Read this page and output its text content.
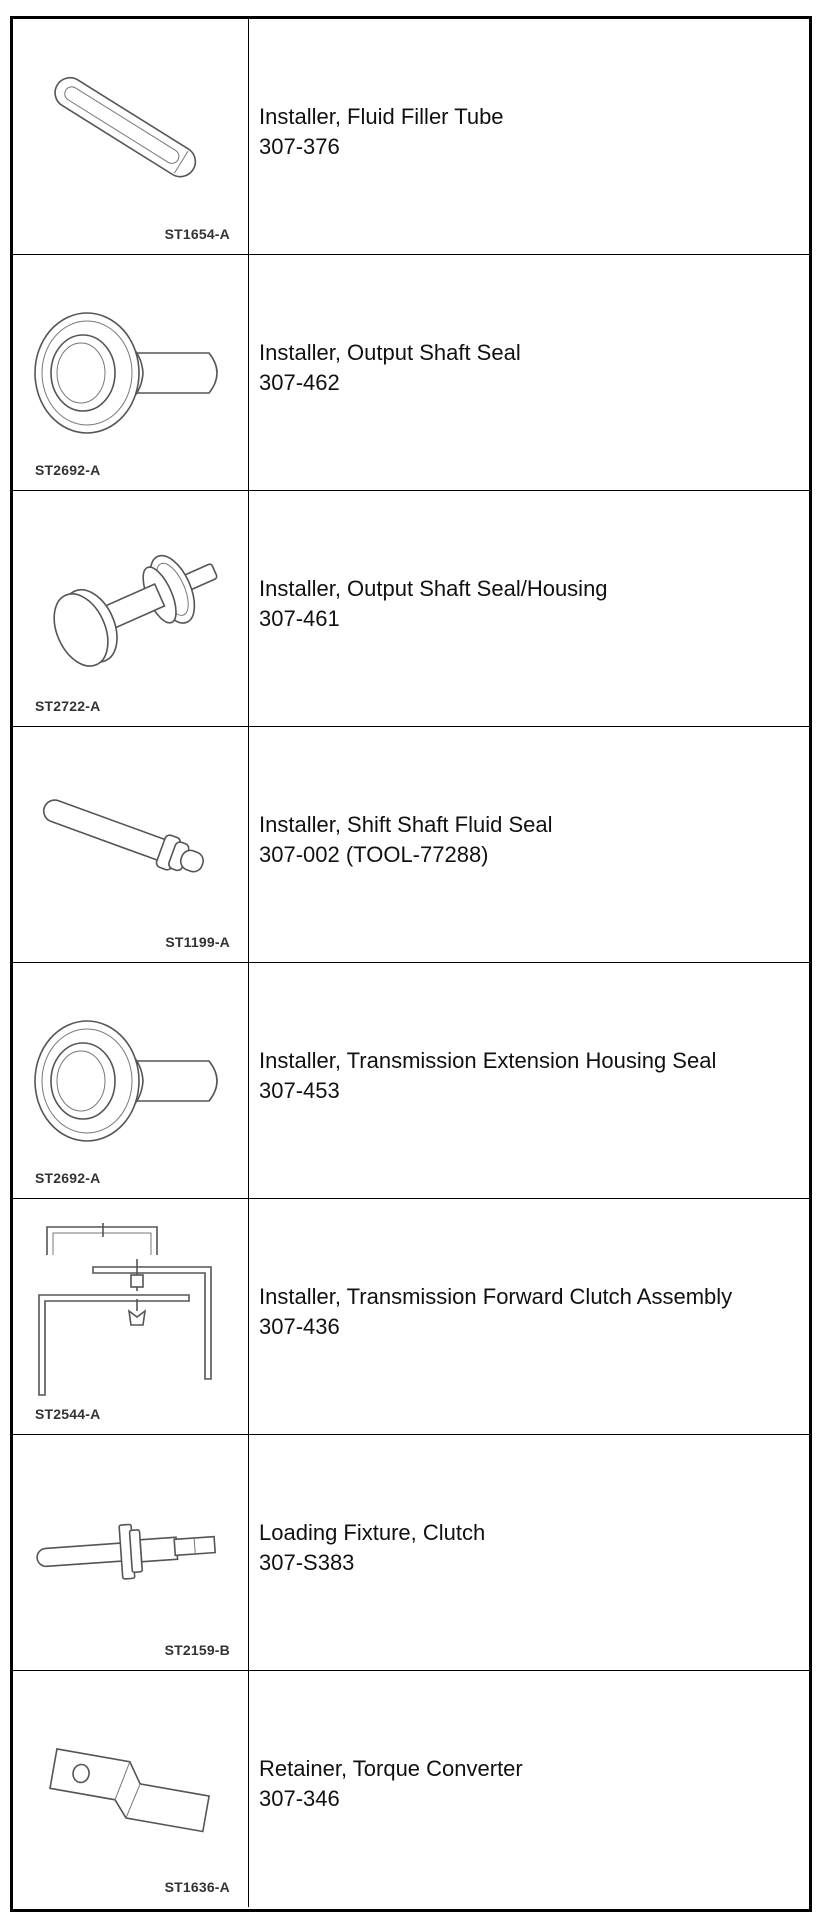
ST1654-A
Installer, Fluid Filler Tube
307-376
ST2692-A
Installer, Output Shaft Seal
307-462
ST2722-A
Installer, Output Shaft Seal/Housing
307-461
ST1199-A
Installer, Shift Shaft Fluid Seal
307-002 (TOOL-77288)
ST2692-A
Installer, Transmission Extension Housing Seal
307-453
ST2544-A
Installer, Transmission Forward Clutch Assembly
307-436
ST2159-B
Loading Fixture, Clutch
307-S383
ST1636-A
Retainer, Torque Converter
307-346
